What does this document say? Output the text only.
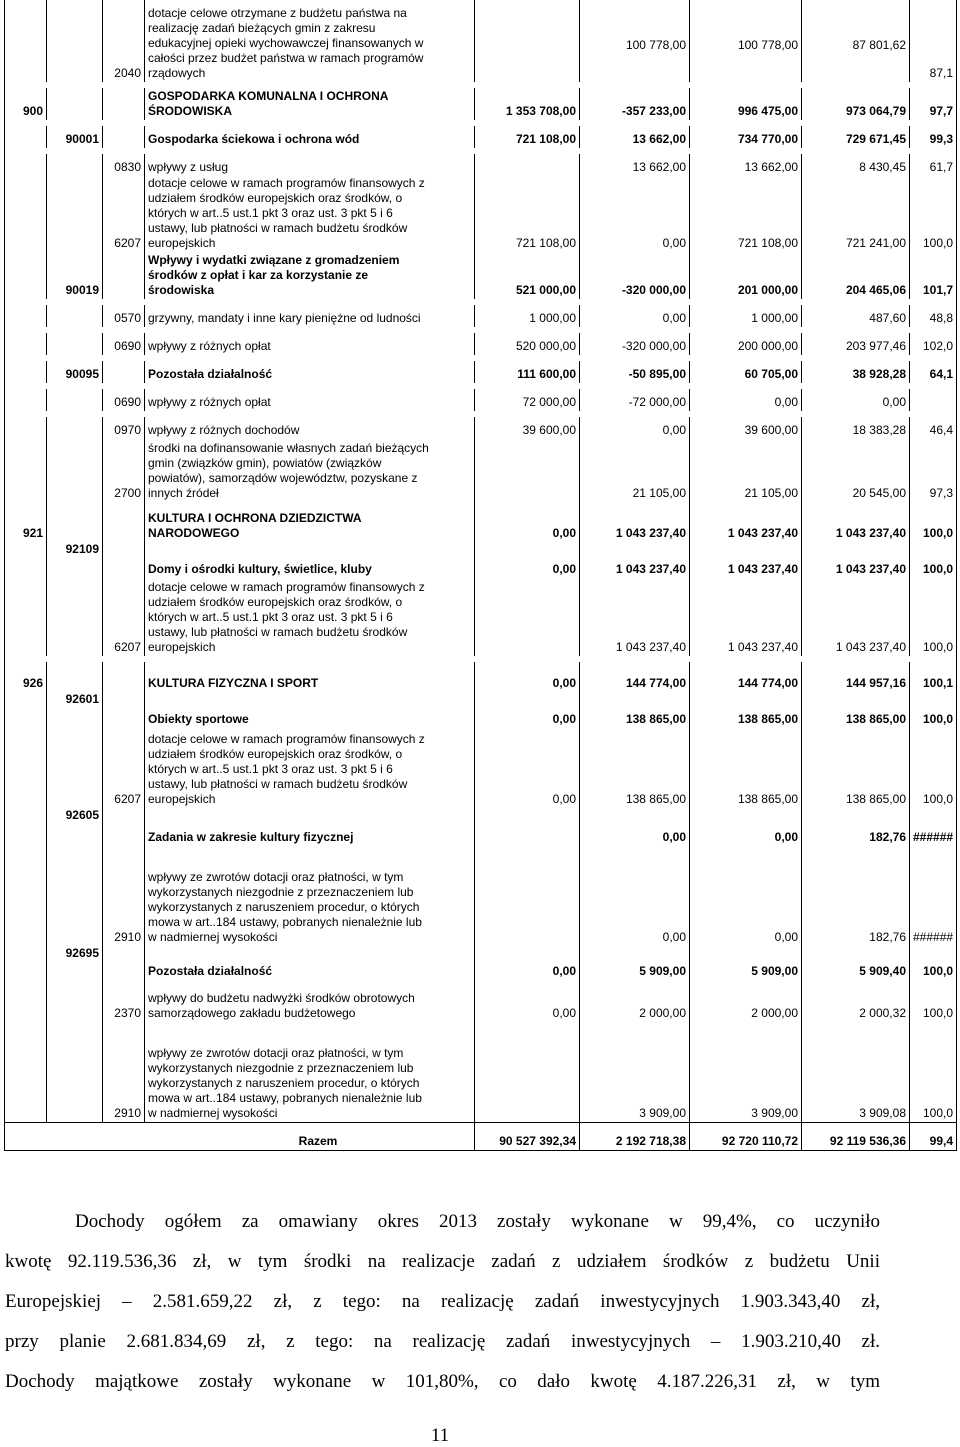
		2040	dotacje celowe otrzymane z budżetu państwa na
realizację zadań bieżących gmin z zakresu
edukacyjnej opieki wychowawczej finansowanych w
całości przez budżet państwa w ramach programów
rządowych		100 778,00	100 778,00	87 801,62	87,1

900			GOSPODARKA KOMUNALNA I OCHRONA
ŚRODOWISKA	1 353 708,00	-357 233,00	996 475,00	973 064,79	97,7

	90001		Gospodarka ściekowa i ochrona wód	721 108,00	13 662,00	734 770,00	729 671,45	99,3

		0830	wpływy z usług		13 662,00	13 662,00	8 430,45	61,7
		6207	dotacje celowe w ramach programów finansowych z
udziałem środków europejskich oraz środków, o
których w art..5 ust.1 pkt 3 oraz ust. 3 pkt 5 i 6
ustawy, lub płatności w ramach budżetu środków
europejskich	721 108,00	0,00	721 108,00	721 241,00	100,0
	90019		Wpływy i wydatki związane z gromadzeniem
środków z opłat i kar za korzystanie ze
środowiska	521 000,00	-320 000,00	201 000,00	204 465,06	101,7

		0570	grzywny, mandaty i inne kary pieniężne od ludności	1 000,00	0,00	1 000,00	487,60	48,8

		0690	wpływy z różnych opłat	520 000,00	-320 000,00	200 000,00	203 977,46	102,0

	90095		Pozostała działalność	111 600,00	-50 895,00	60 705,00	38 928,28	64,1

		0690	wpływy z różnych opłat	72 000,00	-72 000,00	0,00	0,00	

		0970	wpływy z różnych dochodów	39 600,00	0,00	39 600,00	18 383,28	46,4
		2700	środki na dofinansowanie własnych zadań bieżących
gmin (związków gmin), powiatów (związków
powiatów), samorządów województw, pozyskane z
innych źródeł		21 105,00	21 105,00	20 545,00	97,3
921			KULTURA I OCHRONA DZIEDZICTWA
NARODOWEGO	0,00	1 043 237,40	1 043 237,40	1 043 237,40	100,0
	92109		Domy i ośrodki kultury, świetlice, kluby	0,00	1 043 237,40	1 043 237,40	1 043 237,40	100,0
		6207	dotacje celowe w ramach programów finansowych z
udziałem środków europejskich oraz środków, o
których w art..5 ust.1 pkt 3 oraz ust. 3 pkt 5 i 6
ustawy, lub płatności w ramach budżetu środków
europejskich		1 043 237,40	1 043 237,40	1 043 237,40	100,0

926			KULTURA FIZYCZNA I SPORT	0,00	144 774,00	144 774,00	144 957,16	100,1
	92601		Obiekty sportowe	0,00	138 865,00	138 865,00	138 865,00	100,0
		6207	dotacje celowe w ramach programów finansowych z
udziałem środków europejskich oraz środków, o
których w art..5 ust.1 pkt 3 oraz ust. 3 pkt 5 i 6
ustawy, lub płatności w ramach budżetu środków
europejskich	0,00	138 865,00	138 865,00	138 865,00	100,0
	92605		Zadania w zakresie kultury fizycznej		0,00	0,00	182,76	######
		2910	wpływy ze zwrotów dotacji oraz płatności, w tym
wykorzystanych niezgodnie z przeznaczeniem lub
wykorzystanych z naruszeniem procedur, o których
mowa w art..184 ustawy, pobranych nienależnie lub
w nadmiernej wysokości		0,00	0,00	182,76	######
	92695		Pozostała działalność	0,00	5 909,00	5 909,00	5 909,40	100,0
		2370	wpływy do budżetu nadwyżki środków obrotowych
samorządowego zakładu budżetowego	0,00	2 000,00	2 000,00	2 000,32	100,0
		2910	wpływy ze zwrotów dotacji oraz płatności, w tym
wykorzystanych niezgodnie z przeznaczeniem lub
wykorzystanych z naruszeniem procedur, o których
mowa w art..184 ustawy, pobranych nienależnie lub
w nadmiernej wysokości		3 909,00	3 909,00	3 909,08	100,0
Razem				90 527 392,34	2 192 718,38	92 720 110,72	92 119 536,36	99,4
Dochody ogółem za omawiany okres 2013 zostały wykonane w 99,4%, co uczyniło
kwotę 92.119.536,36 zł, w tym środki na realizacje zadań z udziałem środków z budżetu Unii
Europejskiej – 2.581.659,22 zł, z tego: na realizację zadań inwestycyjnych 1.903.343,40 zł,
przy planie 2.681.834,69 zł, z tego: na realizację zadań inwestycyjnych – 1.903.210,40 zł.
Dochody majątkowe zostały wykonane w 101,80%, co dało kwotę 4.187.226,31 zł, w tym
11
